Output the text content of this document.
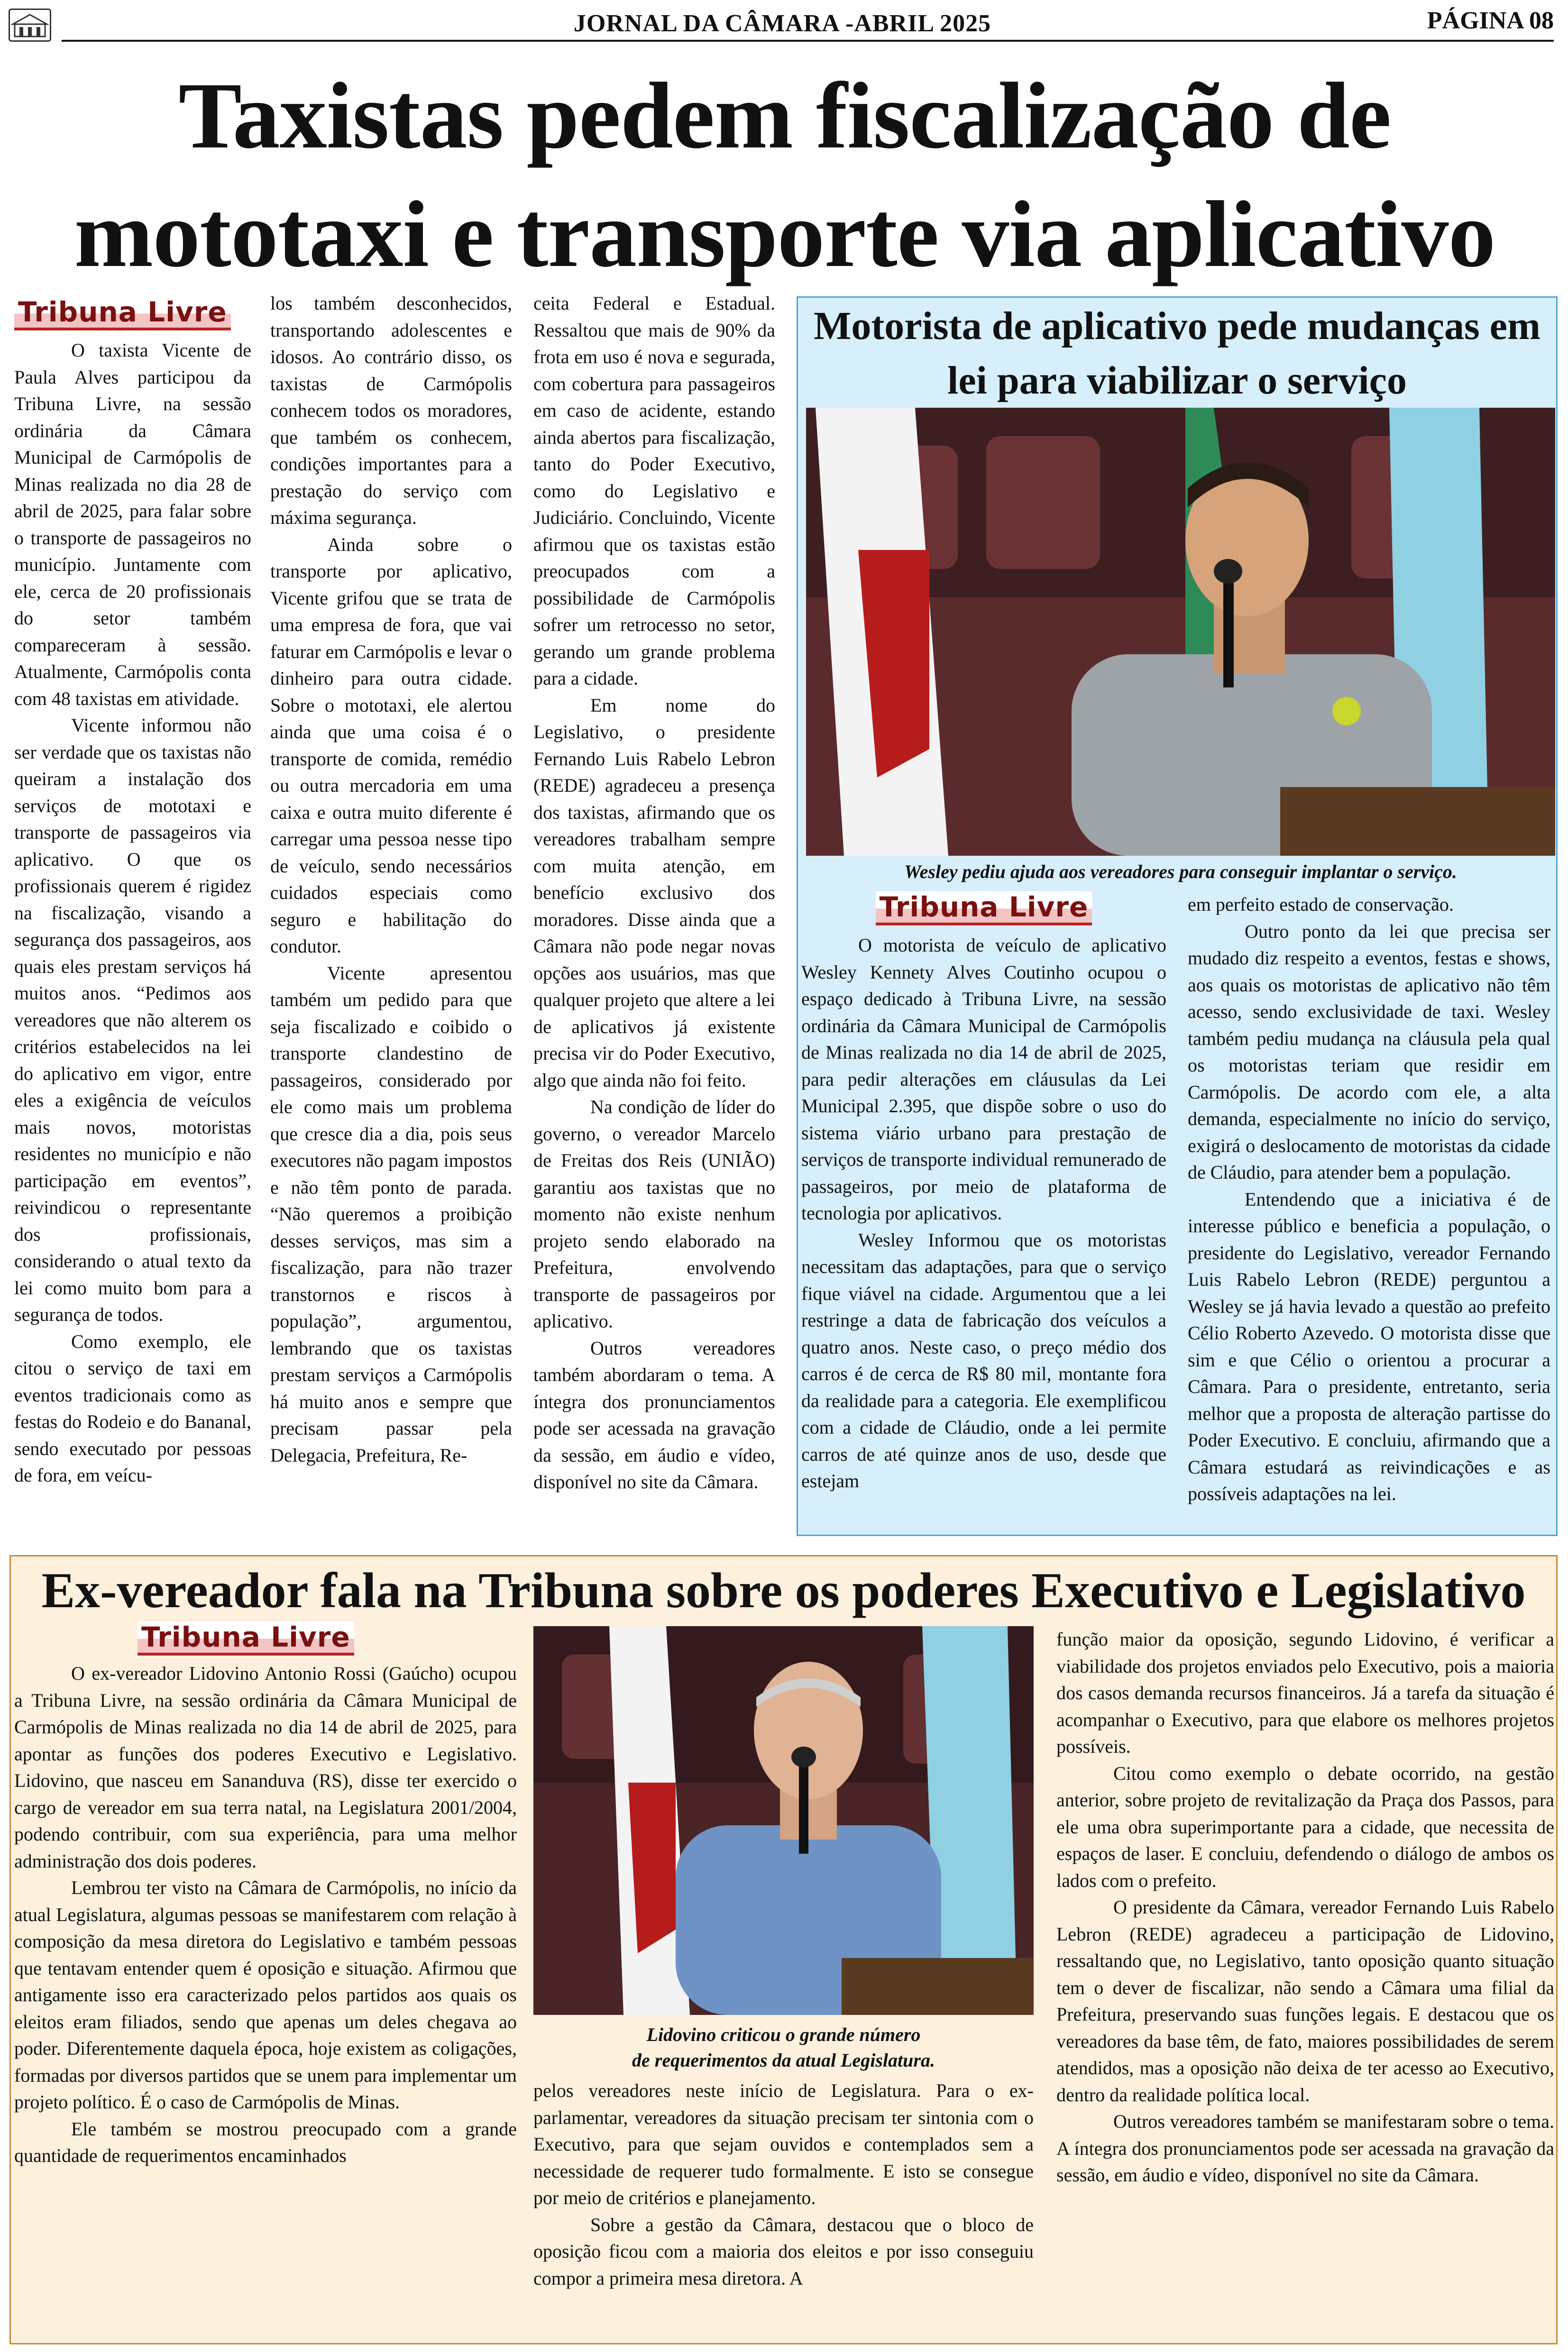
JORNAL DA CÂMARA -ABRIL 2025	PÁGINA 08
Taxistas pedem fiscalização de
mototaxi e transporte via aplicativo
Tribuna Livre

O taxista Vicente de Paula Alves participou da Tribuna Livre, na sessão ordinária da Câmara Municipal de Carmópolis de Minas realizada no dia 28 de abril de 2025, para falar sobre o transporte de passageiros no município. Juntamente com ele, cerca de 20 profissionais do setor também compareceram à sessão. Atualmente, Carmópolis conta com 48 taxistas em atividade.

Vicente informou não ser verdade que os taxistas não queiram a instalação dos serviços de mototaxi e transporte de passageiros via aplicativo. O que os profissionais querem é rigidez na fiscalização, visando a segurança dos passageiros, aos quais eles prestam serviços há muitos anos. “Pedimos aos vereadores que não alterem os critérios estabelecidos na lei do aplicativo em vigor, entre eles a exigência de veículos mais novos, motoristas residentes no município e não participação em eventos”, reivindicou o representante dos profissionais, considerando o atual texto da lei como muito bom para a segurança de todos.

Como exemplo, ele citou o serviço de taxi em eventos tradicionais como as festas do Rodeio e do Bananal, sendo executado por pessoas de fora, em veícu-

los também desconhecidos, transportando adolescentes e idosos. Ao contrário disso, os taxistas de Carmópolis conhecem todos os moradores, que também os conhecem, condições importantes para a prestação do serviço com máxima segurança.

Ainda sobre o transporte por aplicativo, Vicente grifou que se trata de uma empresa de fora, que vai faturar em Carmópolis e levar o dinheiro para outra cidade. Sobre o mototaxi, ele alertou ainda que uma coisa é o transporte de comida, remédio ou outra mercadoria em uma caixa e outra muito diferente é carregar uma pessoa nesse tipo de veículo, sendo necessários cuidados especiais como seguro e habilitação do condutor.

Vicente apresentou também um pedido para que seja fiscalizado e coibido o transporte clandestino de passageiros, considerado por ele como mais um problema que cresce dia a dia, pois seus executores não pagam impostos e não têm ponto de parada. “Não queremos a proibição desses serviços, mas sim a fiscalização, para não trazer transtornos e riscos à população”, argumentou, lembrando que os taxistas prestam serviços a Carmópolis há muito anos e sempre que precisam passar pela Delegacia, Prefeitura, Re-

ceita Federal e Estadual. Ressaltou que mais de 90% da frota em uso é nova e segurada, com cobertura para passageiros em caso de acidente, estando ainda abertos para fiscalização, tanto do Poder Executivo, como do Legislativo e Judiciário. Concluindo, Vicente afirmou que os taxistas estão preocupados com a possibilidade de Carmópolis sofrer um retrocesso no setor, gerando um grande problema para a cidade.

Em nome do Legislativo, o presidente Fernando Luis Rabelo Lebron (REDE) agradeceu a presença dos taxistas, afirmando que os vereadores trabalham sempre com muita atenção, em benefício exclusivo dos moradores. Disse ainda que a Câmara não pode negar novas opções aos usuários, mas que qualquer projeto que altere a lei de aplicativos já existente precisa vir do Poder Executivo, algo que ainda não foi feito.

Na condição de líder do governo, o vereador Marcelo de Freitas dos Reis (UNIÃO) garantiu aos taxistas que no momento não existe nenhum projeto sendo elaborado na Prefeitura, envolvendo transporte de passageiros por aplicativo.

Outros vereadores também abordaram o tema. A íntegra dos pronunciamentos pode ser acessada na gravação da sessão, em áudio e vídeo, disponível no site da Câmara.

Motorista de aplicativo pede mudanças em lei para viabilizar o serviço
Wesley pediu ajuda aos vereadores para conseguir implantar o serviço.
Tribuna Livre

O motorista de veículo de aplicativo Wesley Kennety Alves Coutinho ocupou o espaço dedicado à Tribuna Livre, na sessão ordinária da Câmara Municipal de Carmópolis de Minas realizada no dia 14 de abril de 2025, para pedir alterações em cláusulas da Lei Municipal 2.395, que dispõe sobre o uso do sistema viário urbano para prestação de serviços de transporte individual remunerado de passageiros, por meio de plataforma de tecnologia por aplicativos.

Wesley Informou que os motoristas necessitam das adaptações, para que o serviço fique viável na cidade. Argumentou que a lei restringe a data de fabricação dos veículos a quatro anos. Neste caso, o preço médio dos carros é de cerca de R$ 80 mil, montante fora da realidade para a categoria. Ele exemplificou com a cidade de Cláudio, onde a lei permite carros de até quinze anos de uso, desde que estejam

em perfeito estado de conservação.

Outro ponto da lei que precisa ser mudado diz respeito a eventos, festas e shows, aos quais os motoristas de aplicativo não têm acesso, sendo exclusividade de taxi. Wesley também pediu mudança na cláusula pela qual os motoristas teriam que residir em Carmópolis. De acordo com ele, a alta demanda, especialmente no início do serviço, exigirá o deslocamento de motoristas da cidade de Cláudio, para atender bem a população.

Entendendo que a iniciativa é de interesse público e beneficia a população, o presidente do Legislativo, vereador Fernando Luis Rabelo Lebron (REDE) perguntou a Wesley se já havia levado a questão ao prefeito Célio Roberto Azevedo. O motorista disse que sim e que Célio o orientou a procurar a Câmara. Para o presidente, entretanto, seria melhor que a proposta de alteração partisse do Poder Executivo. E concluiu, afirmando que a Câmara estudará as reivindicações e as possíveis adaptações na lei.

Ex-vereador fala na Tribuna sobre os poderes Executivo e Legislativo
Tribuna Livre

O ex-vereador Lidovino Antonio Rossi (Gaúcho) ocupou a Tribuna Livre, na sessão ordinária da Câmara Municipal de Carmópolis de Minas realizada no dia 14 de abril de 2025, para apontar as funções dos poderes Executivo e Legislativo. Lidovino, que nasceu em Sananduva (RS), disse ter exercido o cargo de vereador em sua terra natal, na Legislatura 2001/2004, podendo contribuir, com sua experiência, para uma melhor administração dos dois poderes.

Lembrou ter visto na Câmara de Carmópolis, no início da atual Legislatura, algumas pessoas se manifestarem com relação à composição da mesa diretora do Legislativo e também pessoas que tentavam entender quem é oposição e situação. Afirmou que antigamente isso era caracterizado pelos partidos aos quais os eleitos eram filiados, sendo que apenas um deles chegava ao poder. Diferentemente daquela época, hoje existem as coligações, formadas por diversos partidos que se unem para implementar um projeto político. É o caso de Carmópolis de Minas.

Ele também se mostrou preocupado com a grande quantidade de requerimentos encaminhados

Lidovino criticou o grande número
de requerimentos da atual Legislatura.

pelos vereadores neste início de Legislatura. Para o ex-parlamentar, vereadores da situação precisam ter sintonia com o Executivo, para que sejam ouvidos e contemplados sem a necessidade de requerer tudo formalmente. E isto se consegue por meio de critérios e planejamento.

Sobre a gestão da Câmara, destacou que o bloco de oposição ficou com a maioria dos eleitos e por isso conseguiu compor a primeira mesa diretora. A

função maior da oposição, segundo Lidovino, é verificar a viabilidade dos projetos enviados pelo Executivo, pois a maioria dos casos demanda recursos financeiros. Já a tarefa da situação é acompanhar o Executivo, para que elabore os melhores projetos possíveis.

Citou como exemplo o debate ocorrido, na gestão anterior, sobre projeto de revitalização da Praça dos Passos, para ele uma obra superimportante para a cidade, que necessita de espaços de laser. E concluiu, defendendo o diálogo de ambos os lados com o prefeito.

O presidente da Câmara, vereador Fernando Luis Rabelo Lebron (REDE) agradeceu a participação de Lidovino, ressaltando que, no Legislativo, tanto oposição quanto situação tem o dever de fiscalizar, não sendo a Câmara uma filial da Prefeitura, preservando suas funções legais. E destacou que os vereadores da base têm, de fato, maiores possibilidades de serem atendidos, mas a oposição não deixa de ter acesso ao Executivo, dentro da realidade política local.

Outros vereadores também se manifestaram sobre o tema. A íntegra dos pronunciamentos pode ser acessada na gravação da sessão, em áudio e vídeo, disponível no site da Câmara.
